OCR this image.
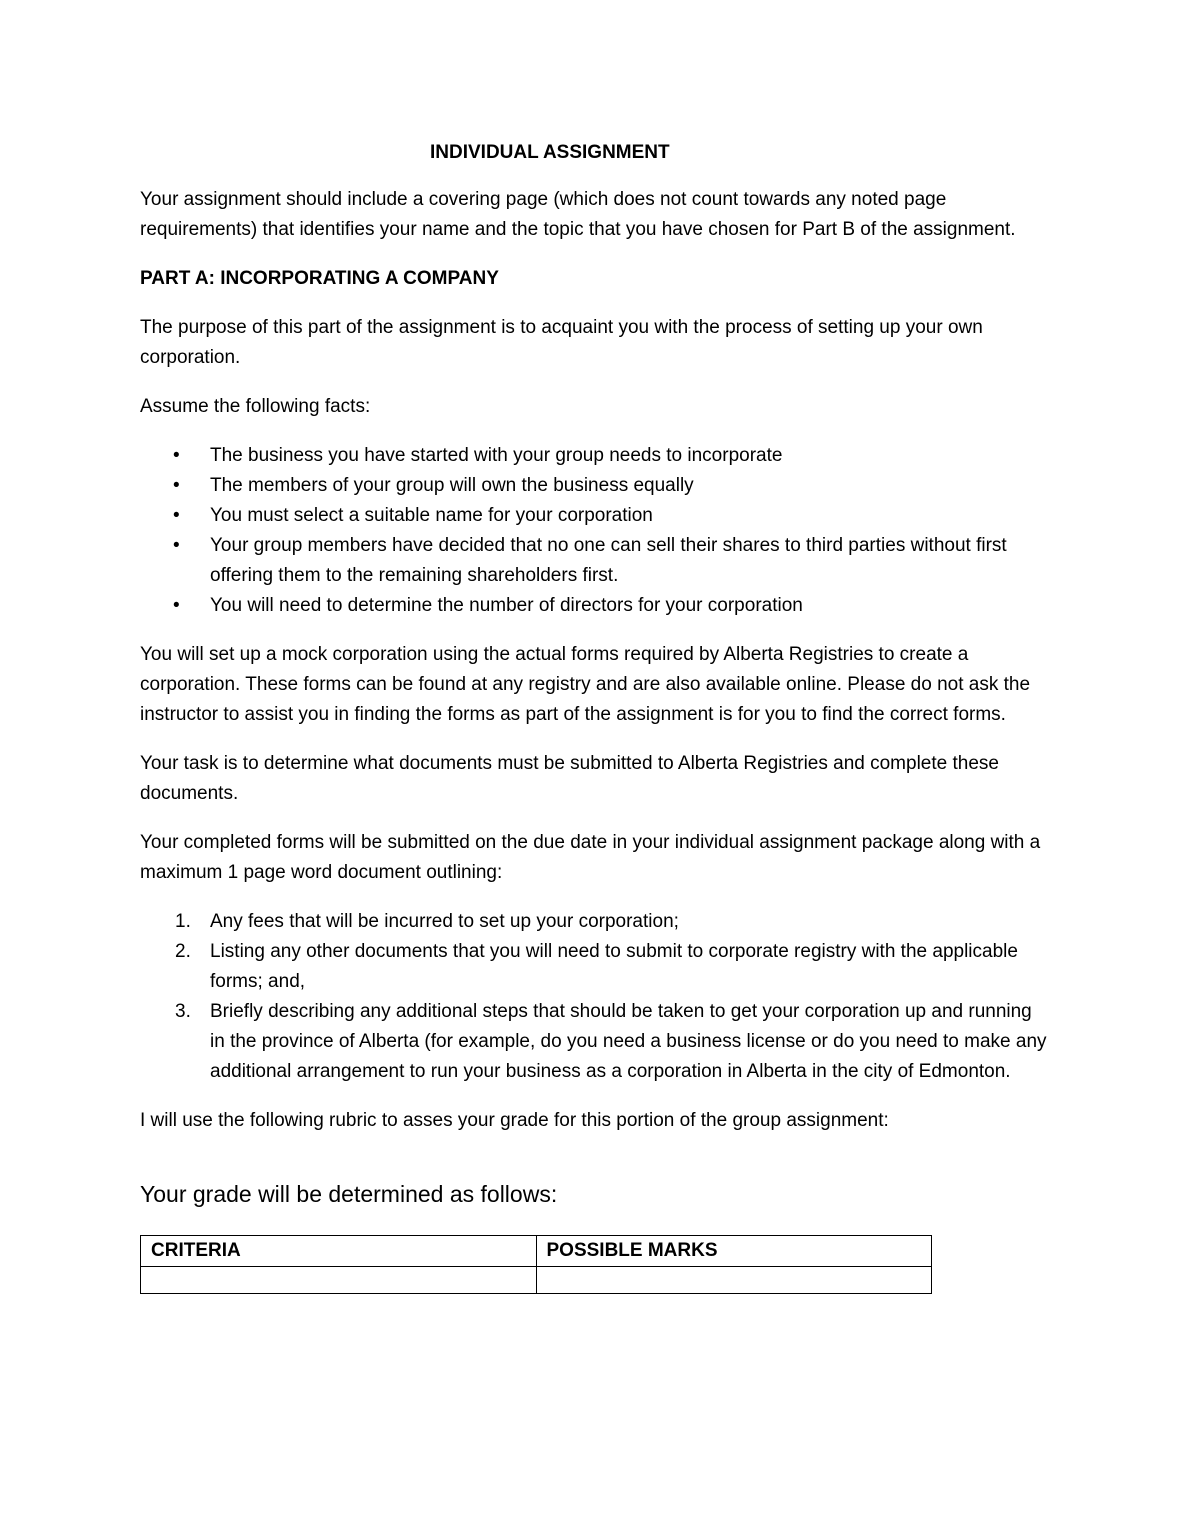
INDIVIDUAL ASSIGNMENT

Your assignment should include a covering page (which does not count towards any noted page requirements) that identifies your name and the topic that you have chosen for Part B of the assignment.

PART A: INCORPORATING A COMPANY

The purpose of this part of the assignment is to acquaint you with the process of setting up your own corporation.

Assume the following facts:

• The business you have started with your group needs to incorporate
• The members of your group will own the business equally
• You must select a suitable name for your corporation
• Your group members have decided that no one can sell their shares to third parties without first offering them to the remaining shareholders first.
• You will need to determine the number of directors for your corporation

You will set up a mock corporation using the actual forms required by Alberta Registries to create a corporation. These forms can be found at any registry and are also available online. Please do not ask the instructor to assist you in finding the forms as part of the assignment is for you to find the correct forms.

Your task is to determine what documents must be submitted to Alberta Registries and complete these documents.

Your completed forms will be submitted on the due date in your individual assignment package along with a maximum 1 page word document outlining:

1. Any fees that will be incurred to set up your corporation;
2. Listing any other documents that you will need to submit to corporate registry with the applicable forms; and,
3. Briefly describing any additional steps that should be taken to get your corporation up and running in the province of Alberta (for example, do you need a business license or do you need to make any additional arrangement to run your business as a corporation in Alberta in the city of Edmonton.

I will use the following rubric to asses your grade for this portion of the group assignment:

Your grade will be determined as follows:
CRITERIA	POSSIBLE MARKS
